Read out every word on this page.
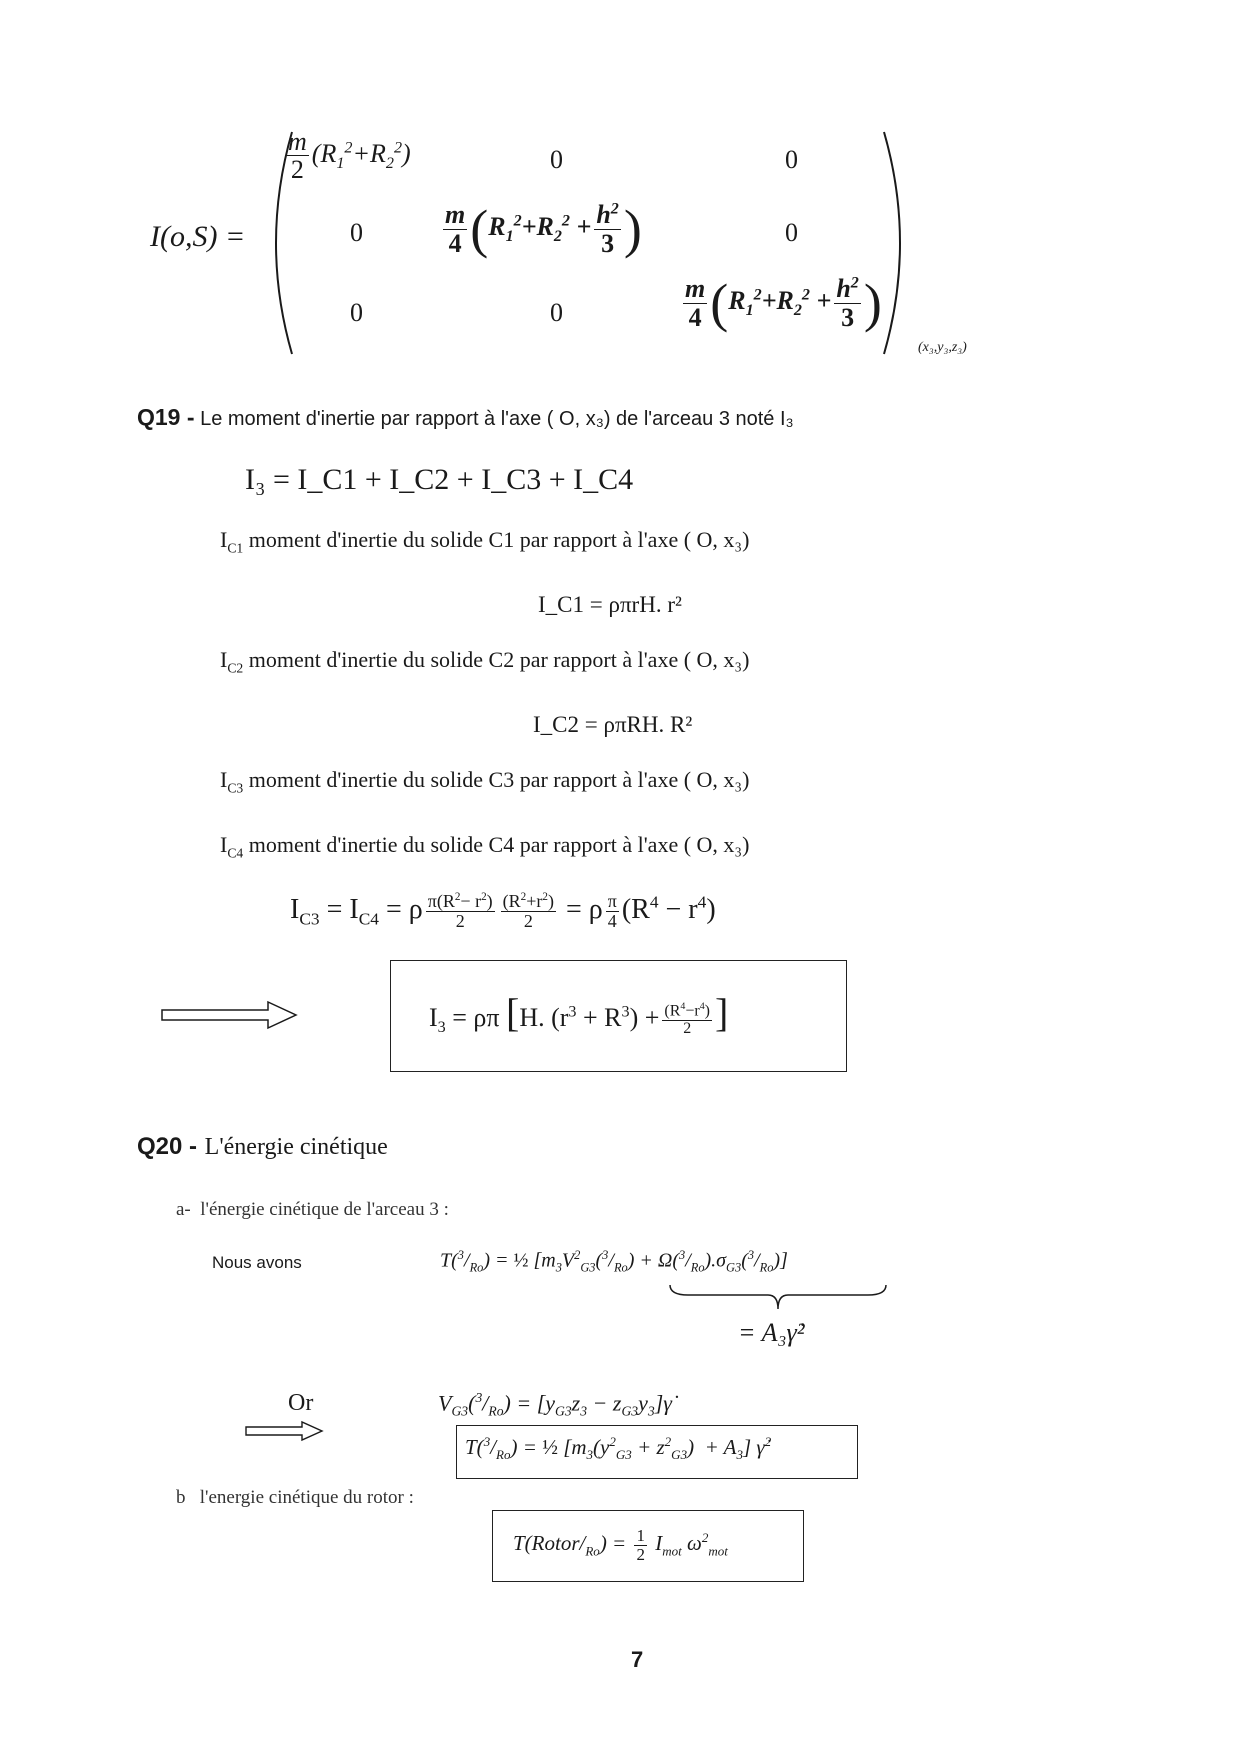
I(o,S) =
$\frac{m}{2} (R_1^2+R_2^2)$	0	0
0	$\frac{m}{4} (R_1^2+R_2^2 + \frac{h^2}{3}$ )	0
0	0	$\frac{m}{4} (R_1^2+R_2^2 + \frac{h^2}{3}$ )
(x₃,y₃,z₃)
Q19 - Le moment d'inertie par rapport à l'axe ( O, x₃) de l'arceau 3 noté I₃
I₃ = I_C1 + I_C2 + I_C3 + I_C4
$I_{C1}$ moment d'inertie du solide C1 par rapport à l'axe ( O, x₃)
I_C1 = ρπrH. r²
$I_{C2}$ moment d'inertie du solide C2 par rapport à l'axe ( O, x₃)
I_C2 = ρπRH. R²
$I_{C3}$ moment d'inertie du solide C3 par rapport à l'axe ( O, x₃)
$I_{C4}$ moment d'inertie du solide C4 par rapport à l'axe ( O, x₃)
$I_{C3} = I_{C4} = \rho \frac{\pi(R^2- r^2)}{2} \frac{(R^2+r^2)}{2} = \rho \frac{\pi}{4} (R^4 - r^4)$
$I_3 = \rho\pi$ [H. $(r^3 + R^3) + \frac{(R^4-r^4)}{2}$ ]
Q20 - L'énergie cinétique
a- l'énergie cinétique de l'arceau 3 :
Nous avons	$T(^3/_{Ro})$ = ½ $[m_3V^2_{G3}(^3/_{Ro}) + \Omega(^3/_{Ro}).\sigma_{G3}(^3/_{Ro})]$
= A₃γ̇²
Or	$V_{G3}(^3/_{Ro}) = [y_{G3}z_3$ − $z_{G3}y_3]\gammȧ$
$T(^3/_{Ro})$ = ½ $[m_3(y^2_{G3} + z^2_{G3}) + A_3]$ γ̇$^2$
b l'energie cinétique du rotor :
$T(Rotor/_{Ro}) = \frac{1}{2} I_{mot}$ $\omega^2_{mot}$
7
